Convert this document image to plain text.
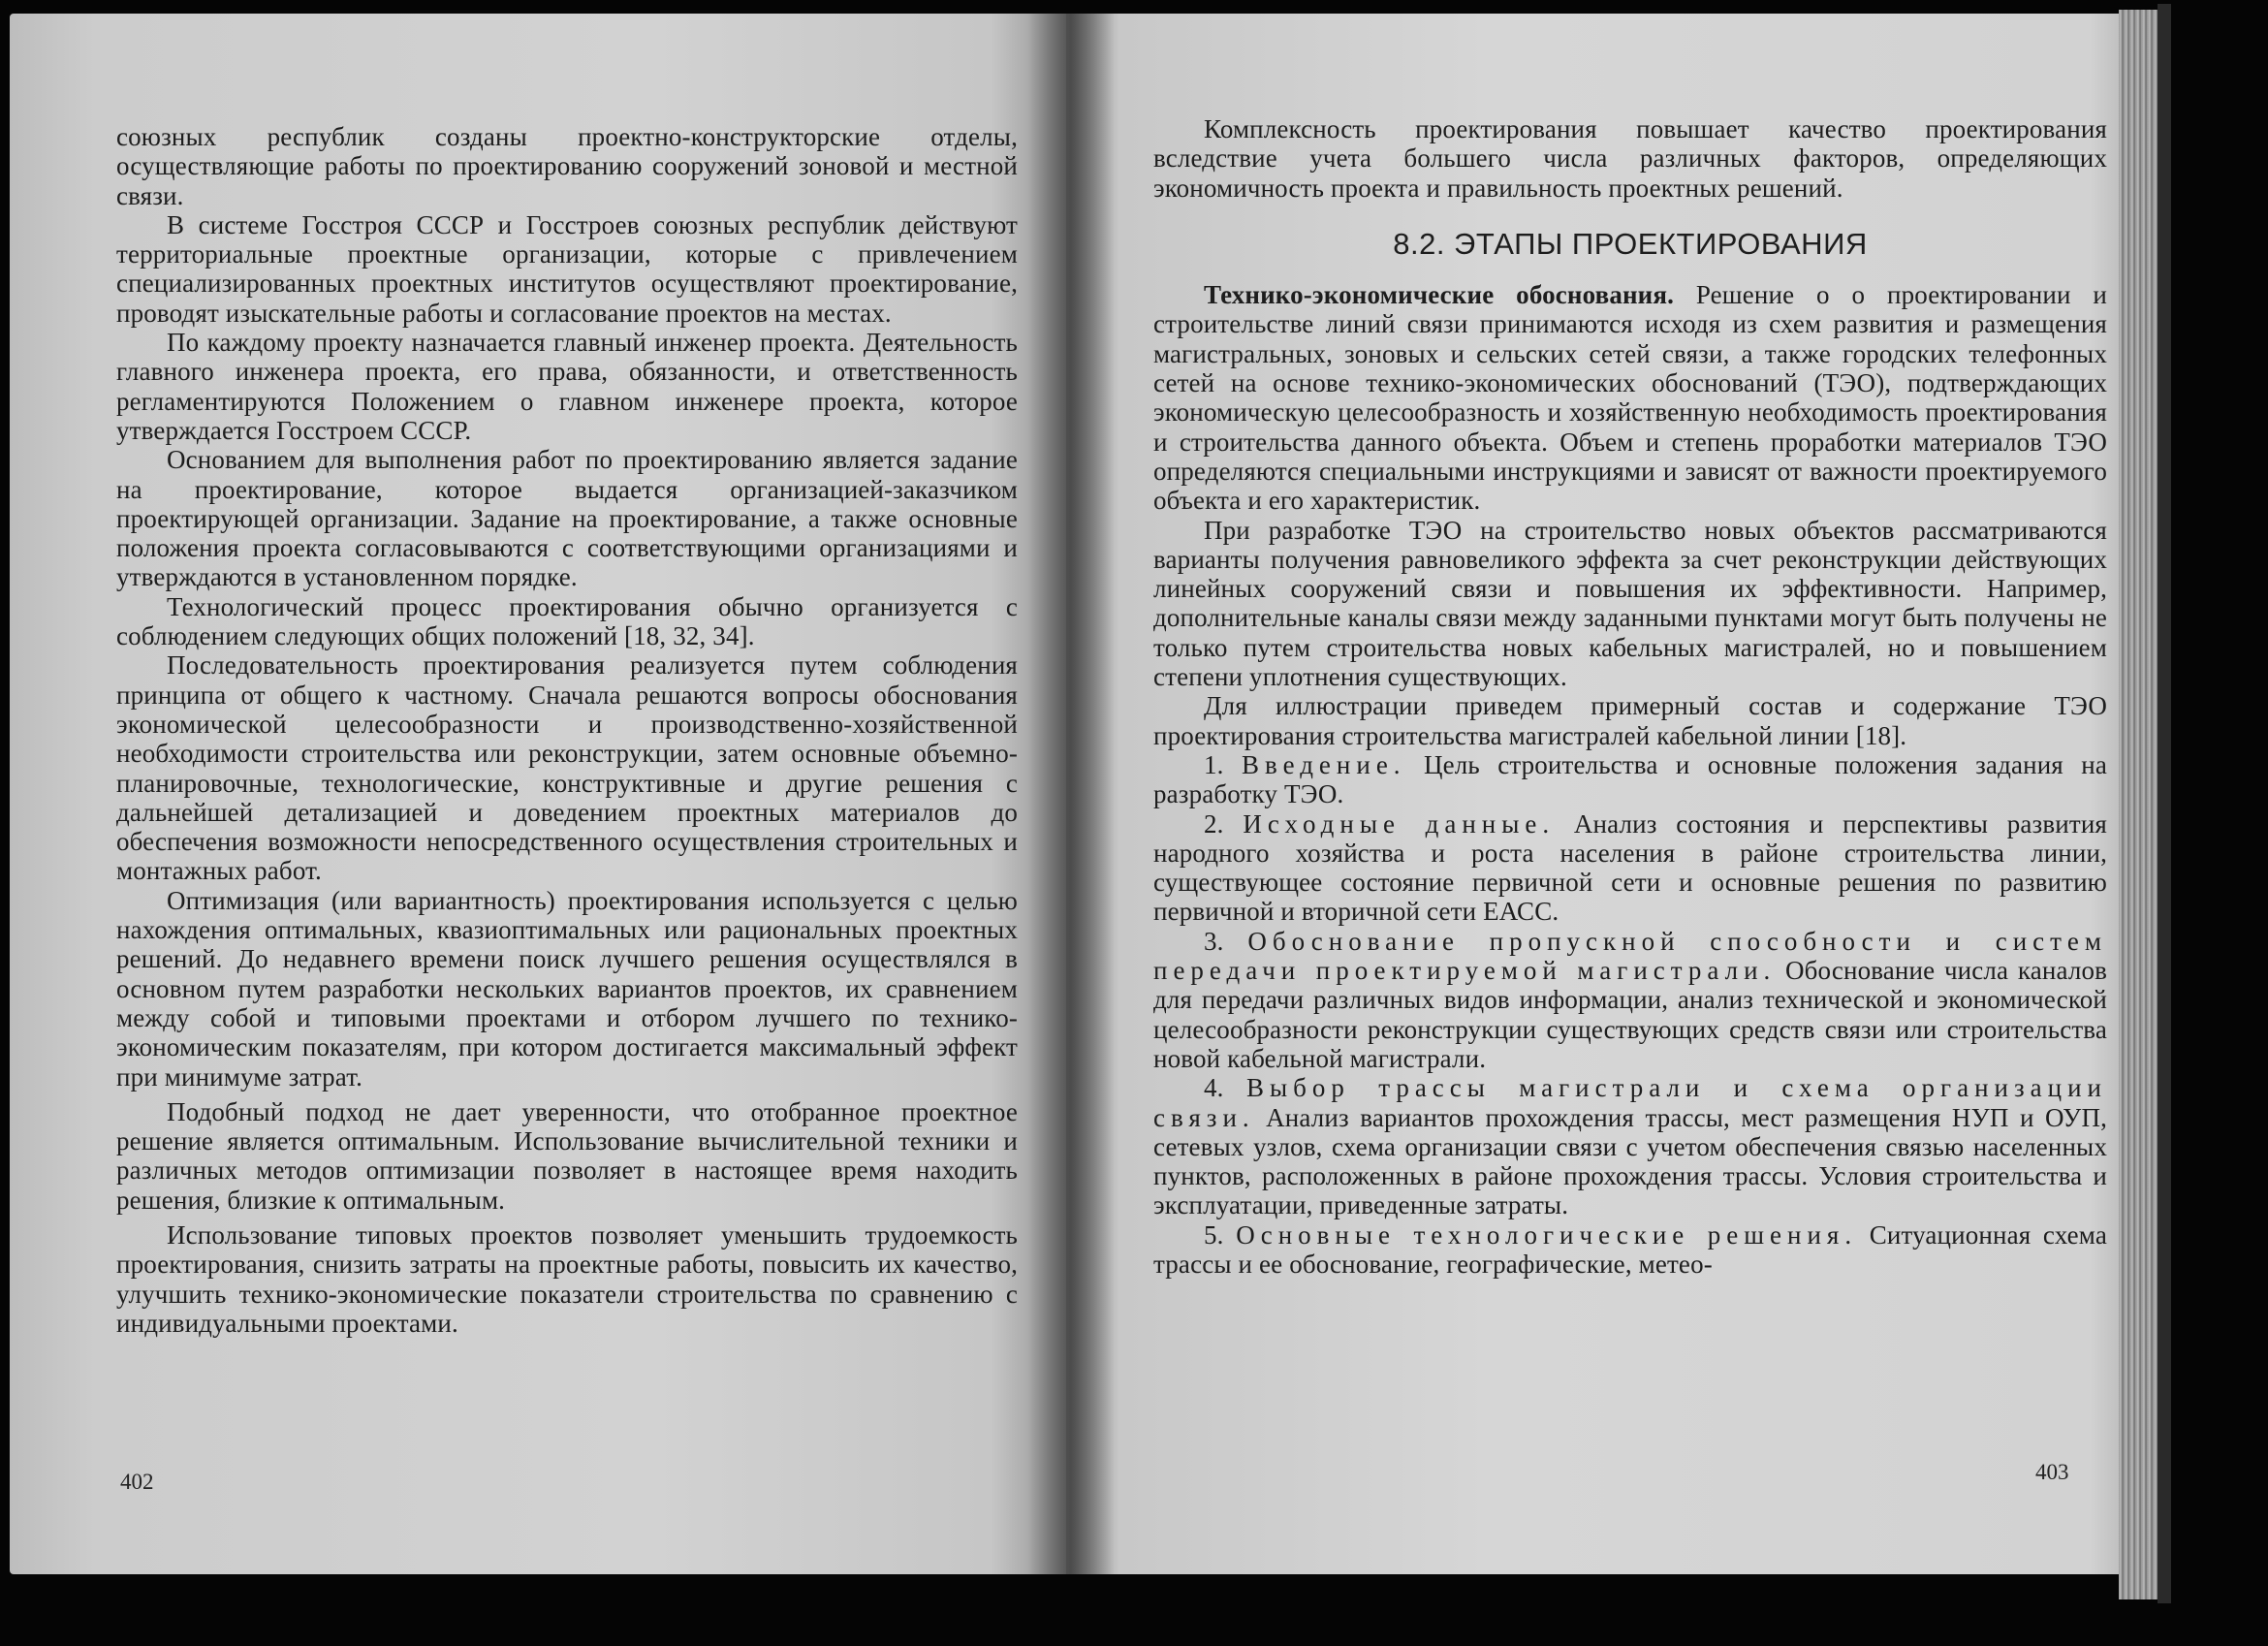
союзных республик созданы проектно-конструкторские отделы, осуществляющие работы по проектированию сооружений зоновой и местной связи.

В системе Госстроя СССР и Госстроев союзных республик действуют территориальные проектные организации, которые с привлечением специализированных проектных институтов осуществляют проектирование, проводят изыскательные работы и согласование проектов на местах.

По каждому проекту назначается главный инженер проекта. Деятельность главного инженера проекта, его права, обязанности, и ответственность регламентируются Положением о главном инженере проекта, которое утверждается Госстроем СССР.

Основанием для выполнения работ по проектированию является задание на проектирование, которое выдается организацией-заказчиком проектирующей организации. Задание на проектирование, а также основные положения проекта согласовываются с соответствующими организациями и утверждаются в установленном порядке.

Технологический процесс проектирования обычно организуется с соблюдением следующих общих положений [18, 32, 34].

Последовательность проектирования реализуется путем соблюдения принципа от общего к частному. Сначала решаются вопросы обоснования экономической целесообразности и производственно-хозяйственной необходимости строительства или реконструкции, затем основные объемно-планировочные, технологические, конструктивные и другие решения с дальнейшей детализацией и доведением проектных материалов до обеспечения возможности непосредственного осуществления строительных и монтажных работ.

Оптимизация (или вариантность) проектирования используется с целью нахождения оптимальных, квазиоптимальных или рациональных проектных решений. До недавнего времени поиск лучшего решения осуществлялся в основном путем разработки нескольких вариантов проектов, их сравнением между собой и типовыми проектами и отбором лучшего по технико-экономическим показателям, при котором достигается максимальный эффект при минимуме затрат.

Подобный подход не дает уверенности, что отобранное проектное решение является оптимальным. Использование вычислительной техники и различных методов оптимизации позволяет в настоящее время находить решения, близкие к оптимальным.

Использование типовых проектов позволяет уменьшить трудоемкость проектирования, снизить затраты на проектные работы, повысить их качество, улучшить технико-экономические показатели строительства по сравнению с индивидуальными проектами.

402

Комплексность проектирования повышает качество проектирования вследствие учета большего числа различных факторов, определяющих экономичность проекта и правильность проектных решений.

8.2. ЭТАПЫ ПРОЕКТИРОВАНИЯ

Технико-экономические обоснования. Решение о о проектировании и строительстве линий связи принимаются исходя из схем развития и размещения магистральных, зоновых и сельских сетей связи, а также городских телефонных сетей на основе технико-экономических обоснований (ТЭО), подтверждающих экономическую целесообразность и хозяйственную необходимость проектирования и строительства данного объекта. Объем и степень проработки материалов ТЭО определяются специальными инструкциями и зависят от важности проектируемого объекта и его характеристик.

При разработке ТЭО на строительство новых объектов рассматриваются варианты получения равновеликого эффекта за счет реконструкции действующих линейных сооружений связи и повышения их эффективности. Например, дополнительные каналы связи между заданными пунктами могут быть получены не только путем строительства новых кабельных магистралей, но и повышением степени уплотнения существующих.

Для иллюстрации приведем примерный состав и содержание ТЭО проектирования строительства магистралей кабельной линии [18].

1. Введение. Цель строительства и основные положения задания на разработку ТЭО.

2. Исходные данные. Анализ состояния и перспективы развития народного хозяйства и роста населения в районе строительства линии, существующее состояние первичной сети и основные решения по развитию первичной и вторичной сети ЕАСС.

3. Обоснование пропускной способности и систем передачи проектируемой магистрали. Обоснование числа каналов для передачи различных видов информации, анализ технической и экономической целесообразности реконструкции существующих средств связи или строительства новой кабельной магистрали.

4. Выбор трассы магистрали и схема организации связи. Анализ вариантов прохождения трассы, мест размещения НУП и ОУП, сетевых узлов, схема организации связи с учетом обеспечения связью населенных пунктов, расположенных в районе прохождения трассы. Условия строительства и эксплуатации, приведенные затраты.

5. Основные технологические решения. Ситуационная схема трассы и ее обоснование, географические, метео-

403
